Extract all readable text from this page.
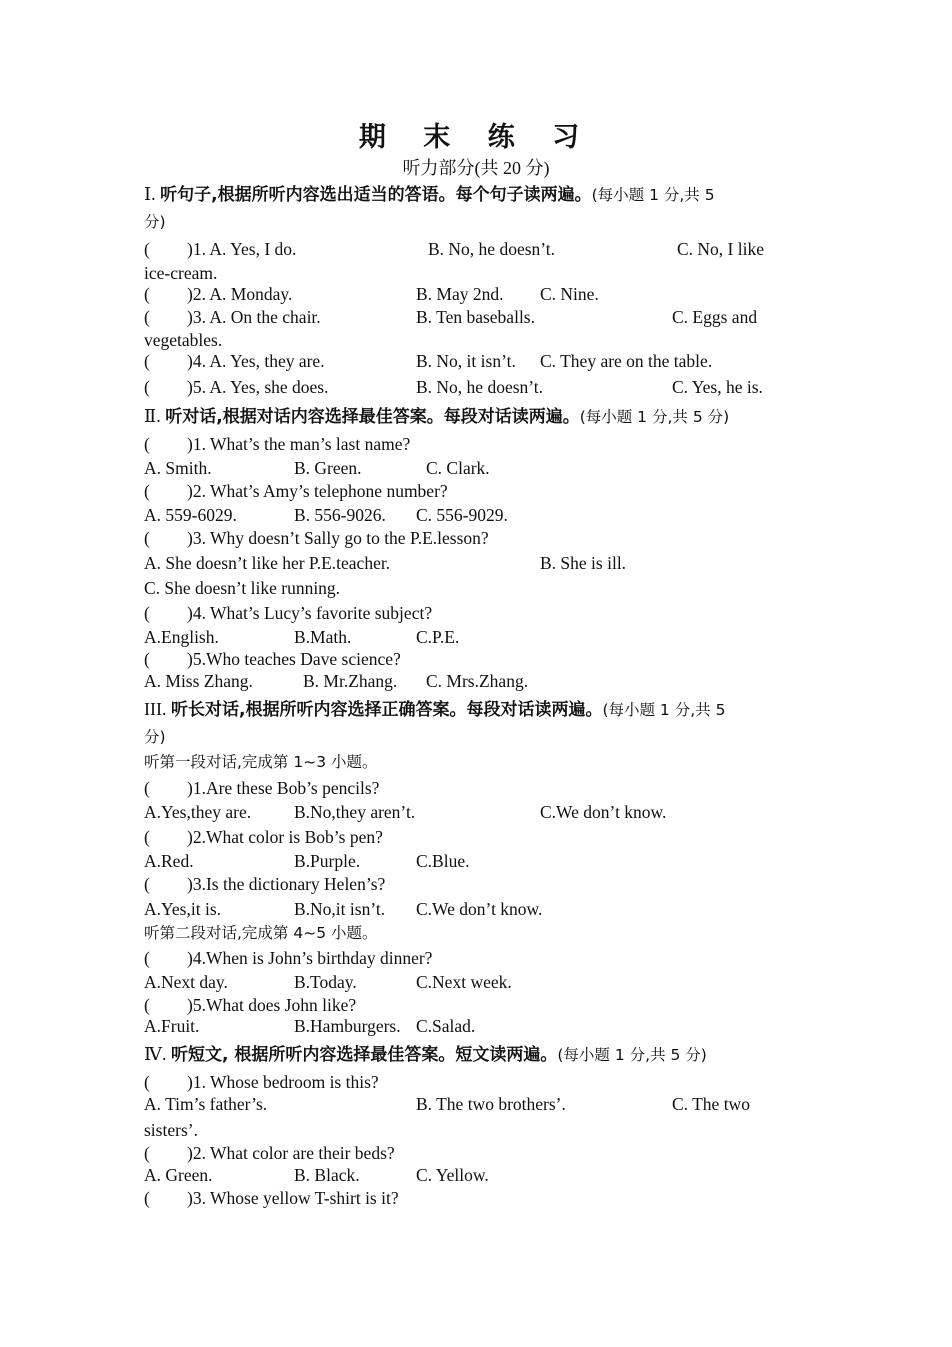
期 末 练 习
听力部分(共 20 分)
Ⅰ. 听句子,根据所听内容选出适当的答语。每个句子读两遍。(每小题 1 分,共 5
分)
( )1. A. Yes, I do.	B. No, he doesn’t.	C. No, I like
ice-cream.
( )2. A. Monday.	B. May 2nd. C. Nine.
( )3. A. On the chair.	B. Ten baseballs.	C. Eggs and
vegetables.
( )4. A. Yes, they are.	B. No, it isn’t. C. They are on the table.
( )5. A. Yes, she does.	B. No, he doesn’t.	C. Yes, he is.
Ⅱ. 听对话,根据对话内容选择最佳答案。每段对话读两遍。(每小题 1 分,共 5 分)
( )1. What’s the man’s last name?
A. Smith.	B. Green.	C. Clark.
( )2. What’s Amy’s telephone number?
A. 559-6029.	B. 556-9026. C. 556-9029.
( )3. Why doesn’t Sally go to the P.E.lesson?
A. She doesn’t like her P.E.teacher.	B. She is ill.
C. She doesn’t like running.
( )4. What’s Lucy’s favorite subject?
A.English.	B.Math.	C.P.E.
( )5.Who teaches Dave science?
A. Miss Zhang.	B. Mr.Zhang. C. Mrs.Zhang.
III. 听长对话,根据所听内容选择正确答案。每段对话读两遍。(每小题 1 分,共 5
分)
听第一段对话,完成第 1~3 小题。
( )1.Are these Bob’s pencils?
A.Yes,they are. B.No,they aren’t.	C.We don’t know.
( )2.What color is Bob’s pen?
A.Red.	B.Purple.	C.Blue.
( )3.Is the dictionary Helen’s?
A.Yes,it is.	B.No,it isn’t. C.We don’t know.
听第二段对话,完成第 4~5 小题。
( )4.When is John’s birthday dinner?
A.Next day.	B.Today.	C.Next week.
( )5.What does John like?
A.Fruit.	B.Hamburgers. C.Salad.
Ⅳ. 听短文, 根据所听内容选择最佳答案。短文读两遍。(每小题 1 分,共 5 分)
( )1. Whose bedroom is this?
A. Tim’s father’s.	B. The two brothers’.	C. The two
sisters’.
( )2. What color are their beds?
A. Green.	B. Black.	C. Yellow.
( )3. Whose yellow T-shirt is it?
